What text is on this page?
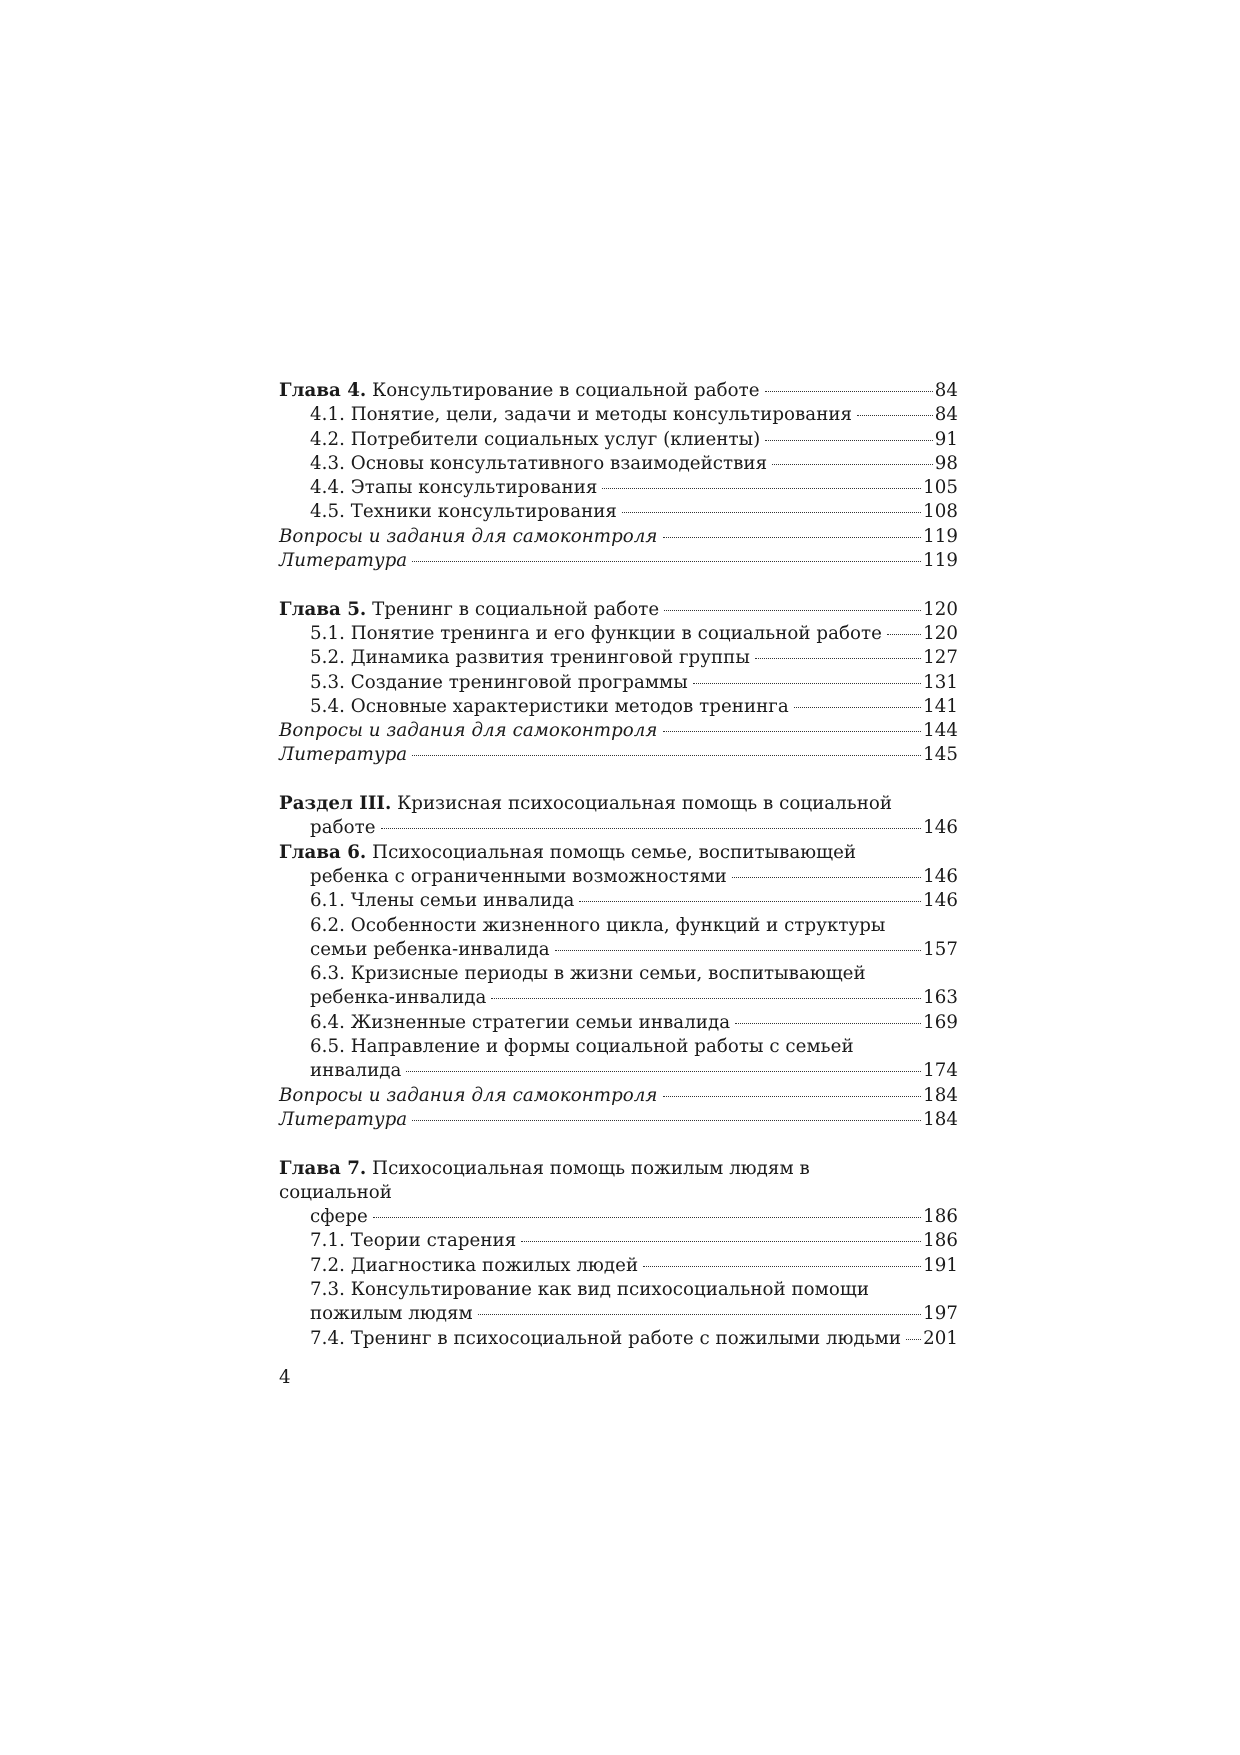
Глава 4. Консультирование в социальной работе	84
4.1. Понятие, цели, задачи и методы консультирования	84
4.2. Потребители социальных услуг (клиенты)	91
4.3. Основы консультативного взаимодействия	98
4.4. Этапы консультирования	105
4.5. Техники консультирования	108
Вопросы и задания для самоконтроля	119
Литература	119
Глава 5. Тренинг в социальной работе	120
5.1. Понятие тренинга и его функции в социальной работе 120
5.2. Динамика развития тренинговой группы	127
5.3. Создание тренинговой программы	131
5.4. Основные характеристики методов тренинга	141
Вопросы и задания для самоконтроля	144
Литература	145
Раздел III. Кризисная психосоциальная помощь в социальной
работе	146
Глава 6. Психосоциальная помощь семье, воспитывающей
ребенка с ограниченными возможностями	146
6.1. Члены семьи инвалида	146
6.2. Особенности жизненного цикла, функций и структуры
семьи ребенка-инвалида	157
6.3. Кризисные периоды в жизни семьи, воспитывающей
ребенка-инвалида	163
6.4. Жизненные стратегии семьи инвалида	169
6.5. Направление и формы социальной работы с семьей
инвалида	174
Вопросы и задания для самоконтроля	184
Литература	184
Глава 7. Психосоциальная помощь пожилым людям в социальной
сфере	186
7.1. Теории старения	186
7.2. Диагностика пожилых людей	191
7.3. Консультирование как вид психосоциальной помощи
пожилым людям	197
7.4. Тренинг в психосоциальной работе с пожилыми людьми 201
4
